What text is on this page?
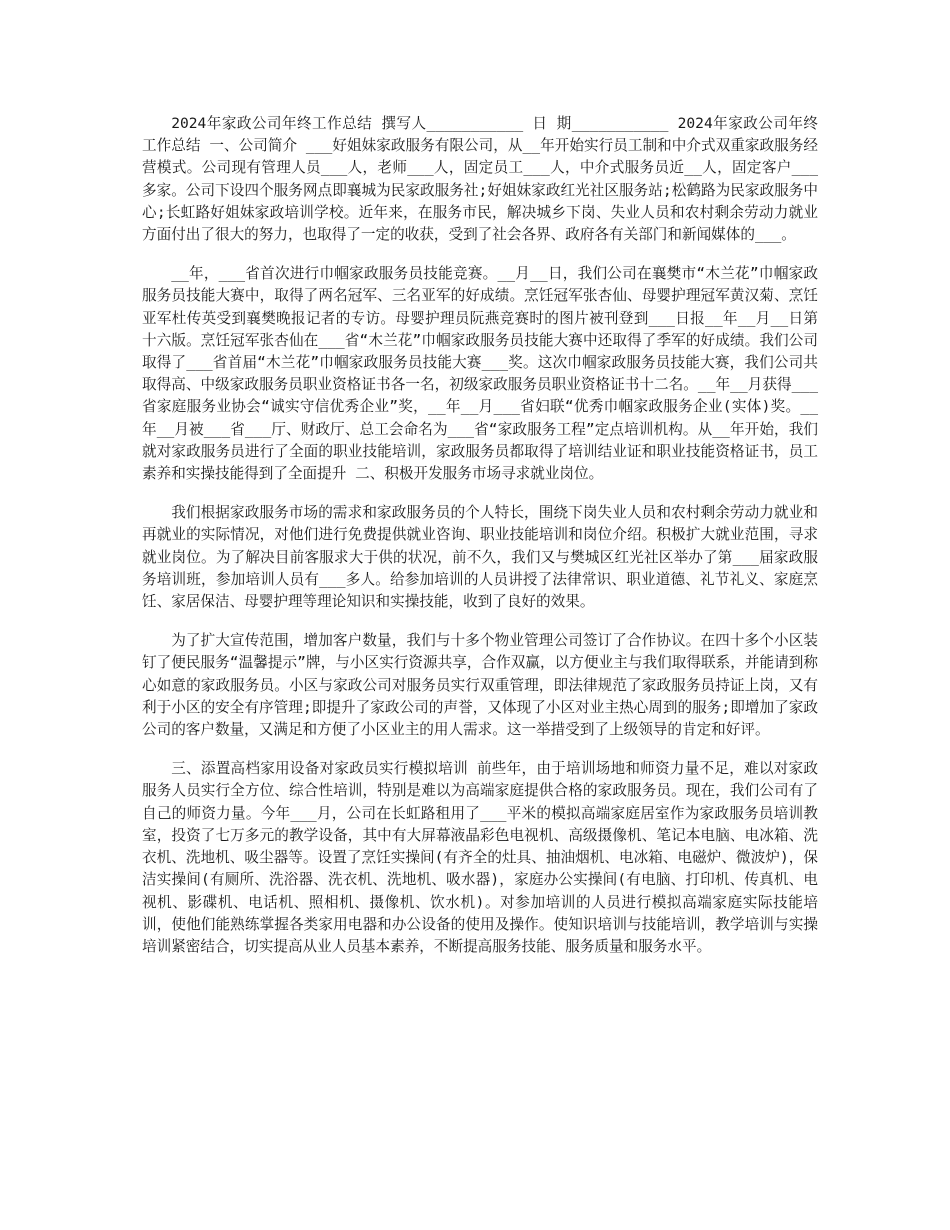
2024年家政公司年终工作总结 撰写人___________ 日 期___________ 2024年家政公司年终工作总结 一、公司简介 ___好姐妹家政服务有限公司，从__年开始实行员工制和中介式双重家政服务经营模式。公司现有管理人员___人，老师___人，固定员工___人，中介式服务员近__人，固定客户___多家。公司下设四个服务网点即襄城为民家政服务社;好姐妹家政红光社区服务站;松鹤路为民家政服务中心;长虹路好姐妹家政培训学校。近年来，在服务市民，解决城乡下岗、失业人员和农村剩余劳动力就业方面付出了很大的努力，也取得了一定的收获，受到了社会各界、政府各有关部门和新闻媒体的___。

__年，___省首次进行巾帼家政服务员技能竞赛。__月__日，我们公司在襄樊市“木兰花”巾帼家政服务员技能大赛中，取得了两名冠军、三名亚军的好成绩。烹饪冠军张杏仙、母婴护理冠军黄汉菊、烹饪亚军杜传英受到襄樊晚报记者的专访。母婴护理员阮燕竞赛时的图片被刊登到___日报__年__月__日第十六版。烹饪冠军张杏仙在___省“木兰花”巾帼家政服务员技能大赛中还取得了季军的好成绩。我们公司取得了___省首届“木兰花”巾帼家政服务员技能大赛___奖。这次巾帼家政服务员技能大赛，我们公司共取得高、中级家政服务员职业资格证书各一名，初级家政服务员职业资格证书十二名。__年__月获得___省家庭服务业协会“诚实守信优秀企业”奖，__年__月___省妇联“优秀巾帼家政服务企业(实体)奖。__年__月被___省___厅、财政厅、总工会命名为___省“家政服务工程”定点培训机构。从__年开始，我们就对家政服务员进行了全面的职业技能培训，家政服务员都取得了培训结业证和职业技能资格证书，员工素养和实操技能得到了全面提升 二、积极开发服务市场寻求就业岗位。

我们根据家政服务市场的需求和家政服务员的个人特长，围绕下岗失业人员和农村剩余劳动力就业和再就业的实际情况，对他们进行免费提供就业咨询、职业技能培训和岗位介绍。积极扩大就业范围，寻求就业岗位。为了解决目前客服求大于供的状况，前不久，我们又与樊城区红光社区举办了第___届家政服务培训班，参加培训人员有___多人。给参加培训的人员讲授了法律常识、职业道德、礼节礼义、家庭烹饪、家居保洁、母婴护理等理论知识和实操技能，收到了良好的效果。

为了扩大宣传范围，增加客户数量，我们与十多个物业管理公司签订了合作协议。在四十多个小区装钉了便民服务“温馨提示”牌，与小区实行资源共享，合作双赢，以方便业主与我们取得联系，并能请到称心如意的家政服务员。小区与家政公司对服务员实行双重管理，即法律规范了家政服务员持证上岗，又有利于小区的安全有序管理;即提升了家政公司的声誉，又体现了小区对业主热心周到的服务;即增加了家政公司的客户数量，又满足和方便了小区业主的用人需求。这一举措受到了上级领导的肯定和好评。

三、添置高档家用设备对家政员实行模拟培训 前些年，由于培训场地和师资力量不足，难以对家政服务人员实行全方位、综合性培训，特别是难以为高端家庭提供合格的家政服务员。现在，我们公司有了自己的师资力量。今年___月，公司在长虹路租用了___平米的模拟高端家庭居室作为家政服务员培训教室，投资了七万多元的教学设备，其中有大屏幕液晶彩色电视机、高级摄像机、笔记本电脑、电冰箱、洗衣机、洗地机、吸尘器等。设置了烹饪实操间(有齐全的灶具、抽油烟机、电冰箱、电磁炉、微波炉)，保洁实操间(有厕所、洗浴器、洗衣机、洗地机、吸水器)，家庭办公实操间(有电脑、打印机、传真机、电视机、影碟机、电话机、照相机、摄像机、饮水机)。对参加培训的人员进行模拟高端家庭实际技能培训，使他们能熟练掌握各类家用电器和办公设备的使用及操作。使知识培训与技能培训，教学培训与实操培训紧密结合，切实提高从业人员基本素养，不断提高服务技能、服务质量和服务水平。
